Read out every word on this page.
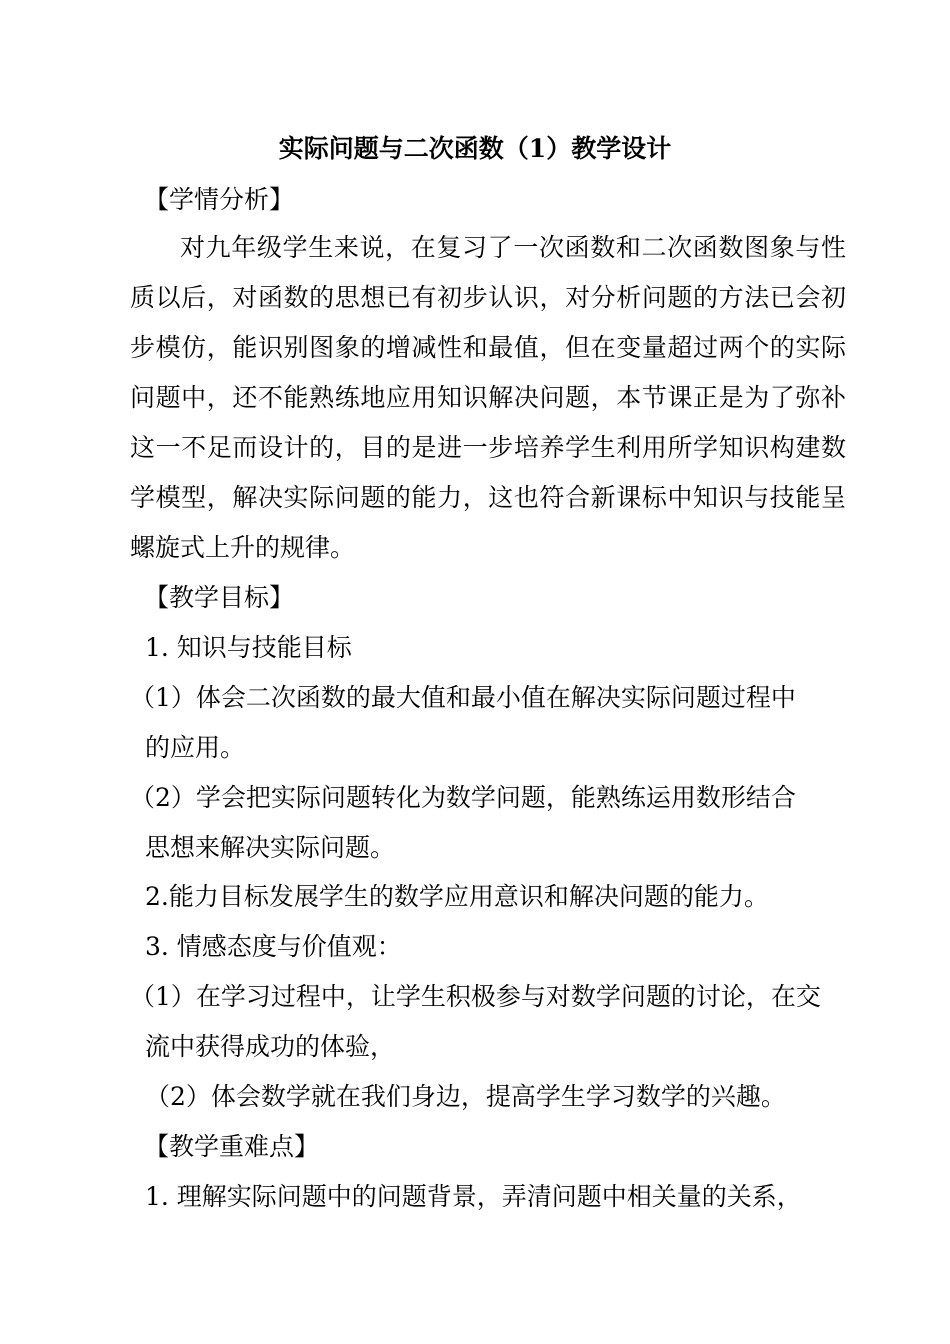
实际问题与二次函数（1）教学设计

【学情分析】

对九年级学生来说，在复习了一次函数和二次函数图象与性

质以后，对函数的思想已有初步认识，对分析问题的方法已会初

步模仿，能识别图象的增减性和最值，但在变量超过两个的实际

问题中，还不能熟练地应用知识解决问题，本节课正是为了弥补

这一不足而设计的，目的是进一步培养学生利用所学知识构建数

学模型，解决实际问题的能力，这也符合新课标中知识与技能呈

螺旋式上升的规律。

【教学目标】

1. 知识与技能目标

（1）体会二次函数的最大值和最小值在解决实际问题过程中

的应用。

（2）学会把实际问题转化为数学问题，能熟练运用数形结合

思想来解决实际问题。

2.能力目标发展学生的数学应用意识和解决问题的能力。

3. 情感态度与价值观：

（1）在学习过程中，让学生积极参与对数学问题的讨论，在交

流中获得成功的体验，

（2）体会数学就在我们身边，提高学生学习数学的兴趣。

【教学重难点】

1. 理解实际问题中的问题背景，弄清问题中相关量的关系，
